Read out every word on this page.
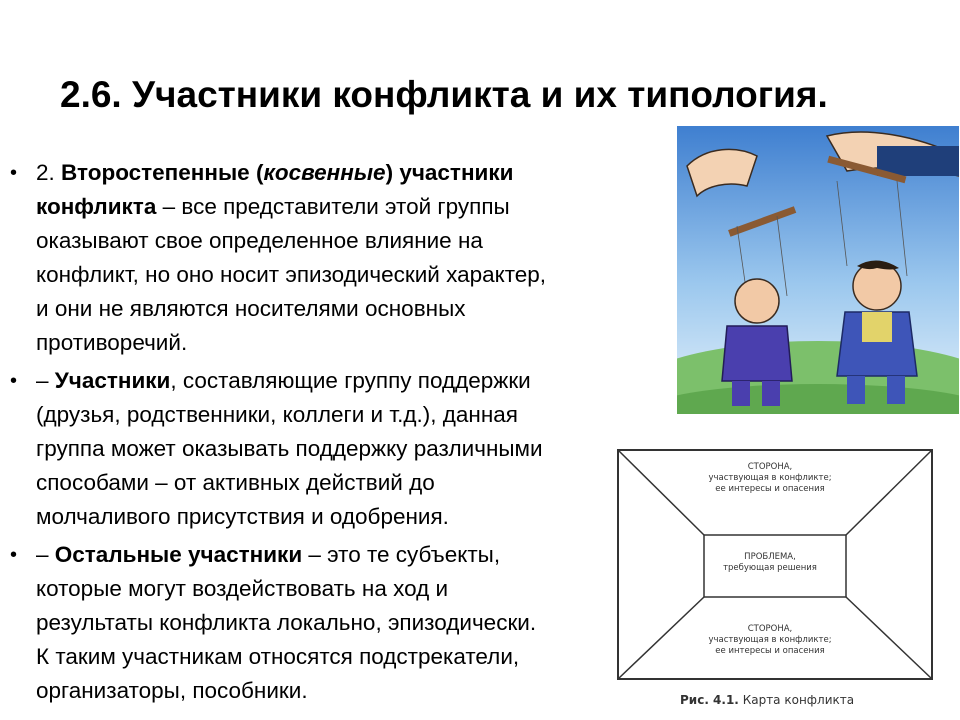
2.6. Участники конфликта и их типология.
• 2. Второстепенные (косвенные) участники
конфликта – все представители этой группы
оказывают свое определенное влияние на
конфликт, но оно носит эпизодический характер,
и они не являются носителями основных
противоречий.
• – Участники, составляющие группу поддержки
(друзья, родственники, коллеги и т.д.), данная
группа может оказывать поддержку различными
способами – от активных действий до
молчаливого присутствия и одобрения.
• – Остальные участники – это те субъекты,
которые могут воздействовать на ход и
результаты конфликта локально, эпизодически.
К таким участникам относятся подстрекатели,
организаторы, пособники.
СТОРОНА,
участвующая в конфликте;
ее интересы и опасения
ПРОБЛЕМА,
требующая решения
СТОРОНА,
участвующая в конфликте;
ее интересы и опасения
Рис. 4.1. Карта конфликта
